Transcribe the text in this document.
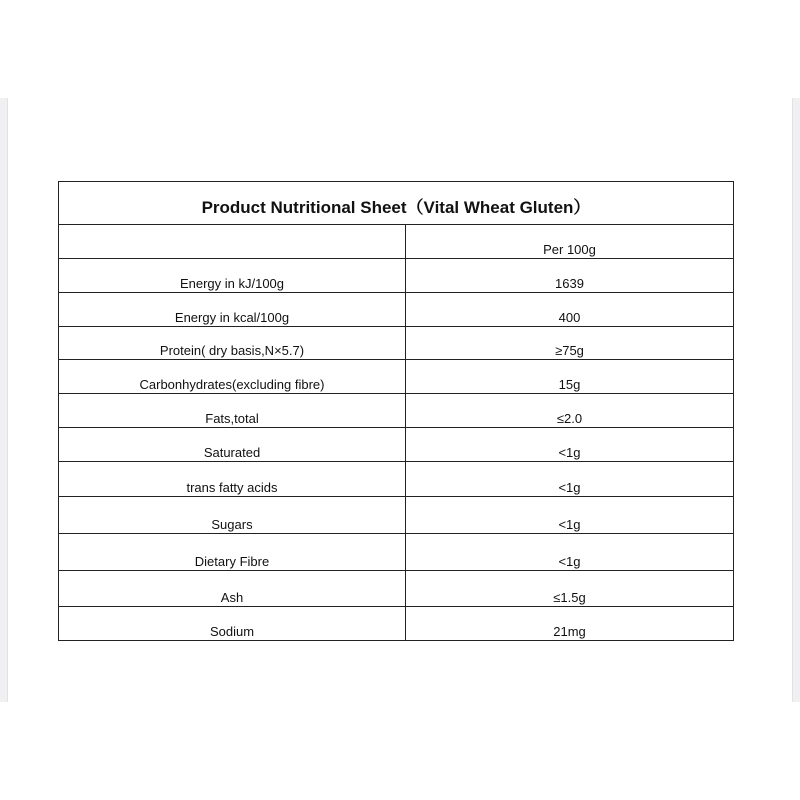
Product Nutritional Sheet（Vital Wheat Gluten）
Per 100g
Energy in kJ/100g	1639
Energy in kcal/100g	400
Protein( dry basis,N×5.7)	≥75g
Carbonhydrates(excluding fibre)	15g
Fats,total	≤2.0
Saturated	<1g
trans fatty acids	<1g
Sugars	<1g
Dietary Fibre	<1g
Ash	≤1.5g
Sodium	21mg
